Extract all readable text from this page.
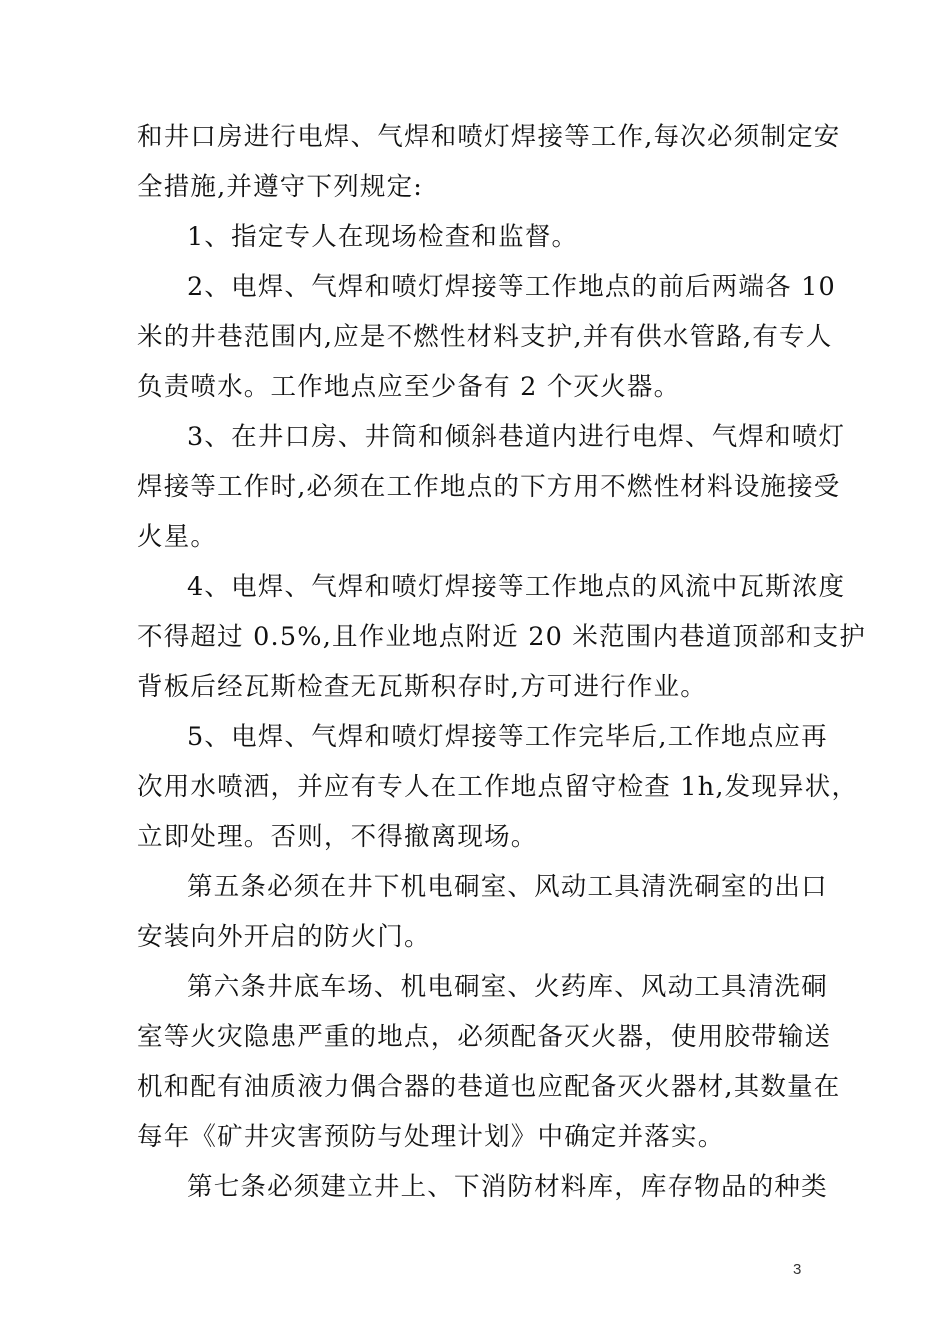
和井口房进行电焊、气焊和喷灯焊接等工作,每次必须制定安
全措施,并遵守下列规定:
1、指定专人在现场检查和监督。
2、电焊、气焊和喷灯焊接等工作地点的前后两端各 10
米的井巷范围内,应是不燃性材料支护,并有供水管路,有专人
负责喷水。工作地点应至少备有 2 个灭火器。
3、在井口房、井筒和倾斜巷道内进行电焊、气焊和喷灯
焊接等工作时,必须在工作地点的下方用不燃性材料设施接受
火星。
4、电焊、气焊和喷灯焊接等工作地点的风流中瓦斯浓度
不得超过 0.5%,且作业地点附近 20 米范围内巷道顶部和支护
背板后经瓦斯检查无瓦斯积存时,方可进行作业。
5、电焊、气焊和喷灯焊接等工作完毕后,工作地点应再
次用水喷洒，并应有专人在工作地点留守检查 1h,发现异状，
立即处理。否则，不得撤离现场。
第五条必须在井下机电硐室、风动工具清洗硐室的出口
安装向外开启的防火门。
第六条井底车场、机电硐室、火药库、风动工具清洗硐
室等火灾隐患严重的地点，必须配备灭火器，使用胶带输送
机和配有油质液力偶合器的巷道也应配备灭火器材,其数量在
每年《矿井灾害预防与处理计划》中确定并落实。
第七条必须建立井上、下消防材料库，库存物品的种类
3
